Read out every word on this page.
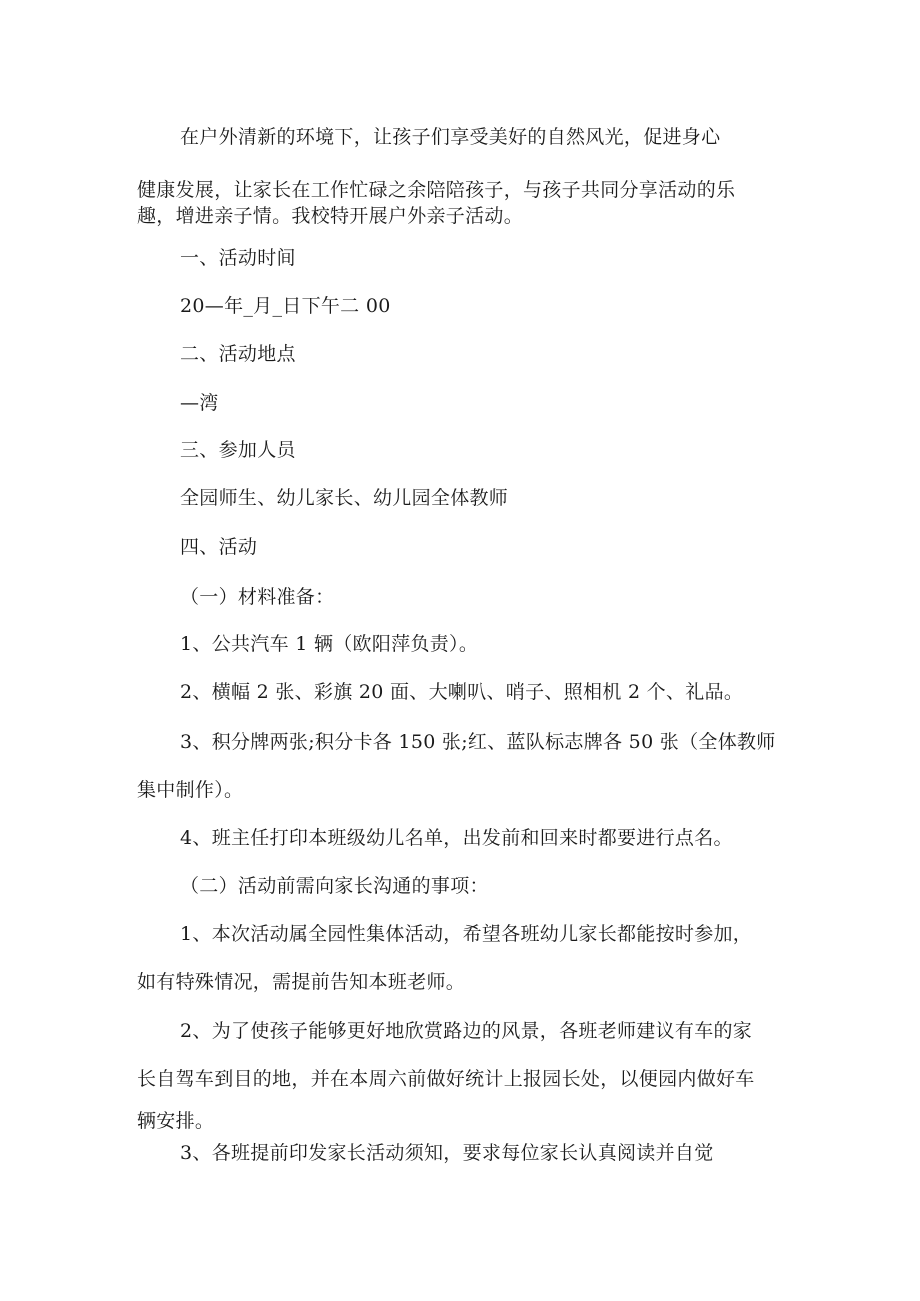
在户外清新的环境下，让孩子们享受美好的自然风光，促进身心
健康发展，让家长在工作忙碌之余陪陪孩子，与孩子共同分享活动的乐
趣，增进亲子情。我校特开展户外亲子活动。
一、活动时间
20—年_月_日下午二 00
二、活动地点
—湾
三、参加人员
全园师生、幼儿家长、幼儿园全体教师
四、活动
（一）材料准备：
1、公共汽车 1 辆（欧阳萍负责）。
2、横幅 2 张、彩旗 20 面、大喇叭、哨子、照相机 2 个、礼品。
3、积分牌两张;积分卡各 150 张;红、蓝队标志牌各 50 张（全体教师
集中制作）。
4、班主任打印本班级幼儿名单，出发前和回来时都要进行点名。
（二）活动前需向家长沟通的事项：
1、本次活动属全园性集体活动，希望各班幼儿家长都能按时参加，
如有特殊情况，需提前告知本班老师。
2、为了使孩子能够更好地欣赏路边的风景，各班老师建议有车的家
长自驾车到目的地，并在本周六前做好统计上报园长处，以便园内做好车
辆安排。
3、各班提前印发家长活动须知，要求每位家长认真阅读并自觉
